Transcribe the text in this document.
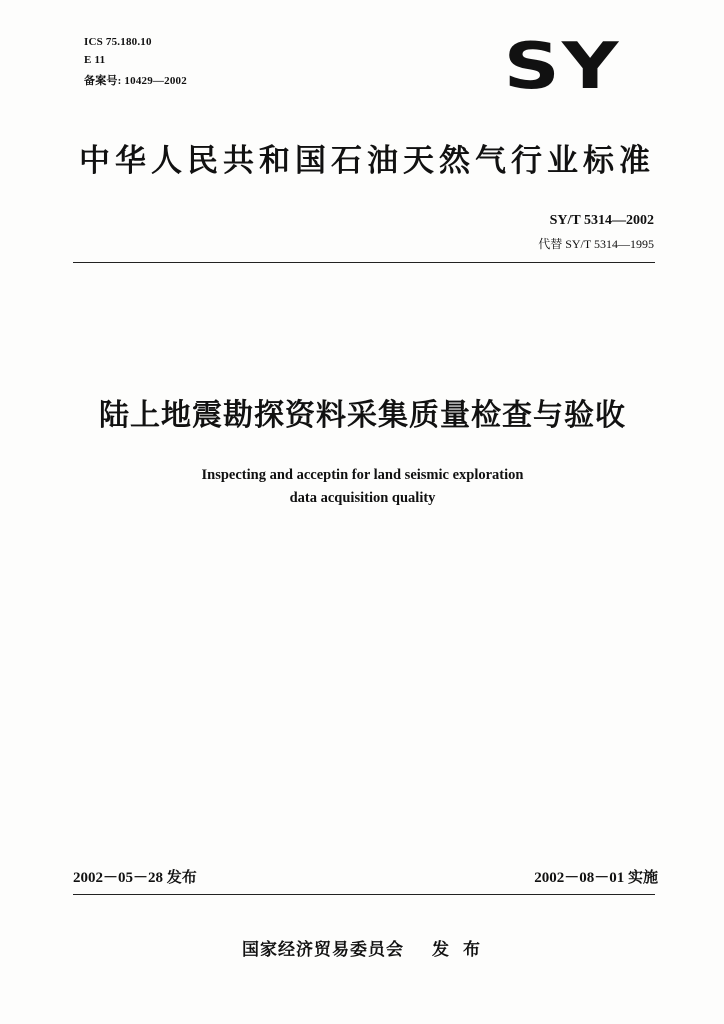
ICS 75.180.10
E 11
备案号: 10429—2002	SY
中华人民共和国石油天然气行业标准
SY/T 5314—2002
代替 SY/T 5314—1995
陆上地震勘探资料采集质量检查与验收
Inspecting and acceptin for land seismic exploration
data acquisition quality
2002－05－28 发布	2002－08－01 实施
国家经济贸易委员会 发布
